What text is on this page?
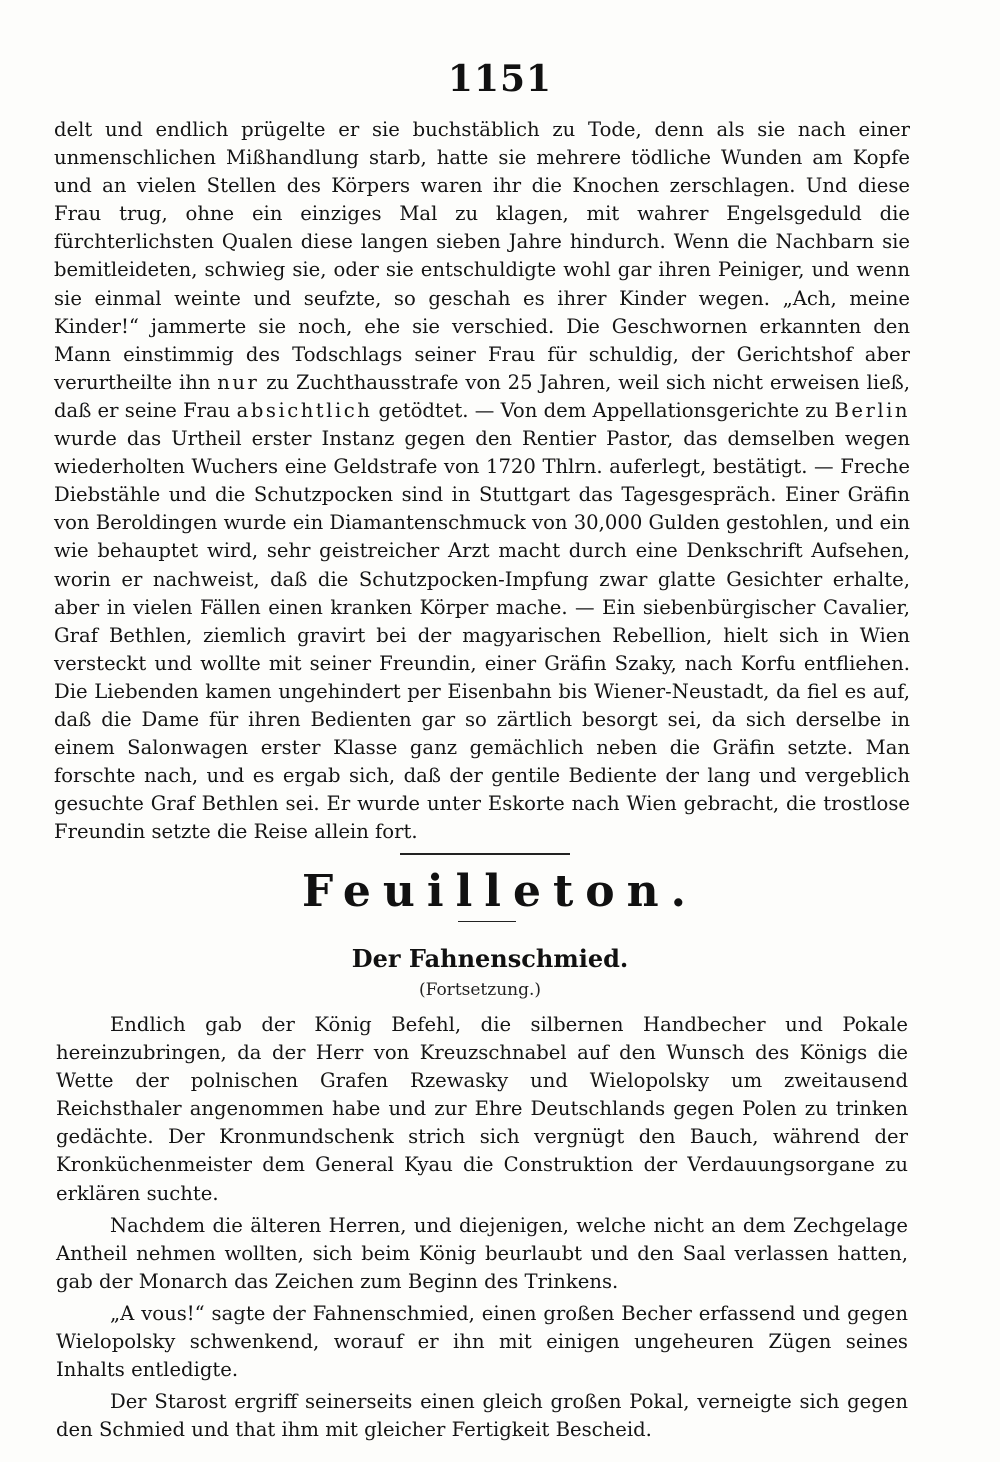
1151

delt und endlich prügelte er sie buchstäblich zu Tode, denn als sie nach einer unmenschlichen Mißhandlung starb, hatte sie mehrere tödliche Wunden am Kopfe und an vielen Stellen des Körpers waren ihr die Knochen zerschlagen. Und diese Frau trug, ohne ein einziges Mal zu klagen, mit wahrer Engelsgeduld die fürchterlichsten Qualen diese langen sieben Jahre hindurch. Wenn die Nachbarn sie bemitleideten, schwieg sie, oder sie entschuldigte wohl gar ihren Peiniger, und wenn sie einmal weinte und seufzte, so geschah es ihrer Kinder wegen. „Ach, meine Kinder!“ jammerte sie noch, ehe sie verschied. Die Geschwornen erkannten den Mann einstimmig des Todschlags seiner Frau für schuldig, der Gerichtshof aber verurtheilte ihn nur zu Zuchthausstrafe von 25 Jahren, weil sich nicht erweisen ließ, daß er seine Frau absichtlich getödtet. — Von dem Appellationsgerichte zu Berlin wurde das Urtheil erster Instanz gegen den Rentier Pastor, das demselben wegen wiederholten Wuchers eine Geldstrafe von 1720 Thlrn. auferlegt, bestätigt. — Freche Diebstähle und die Schutzpocken sind in Stuttgart das Tagesgespräch. Einer Gräfin von Beroldingen wurde ein Diamantenschmuck von 30,000 Gulden gestohlen, und ein wie behauptet wird, sehr geistreicher Arzt macht durch eine Denkschrift Aufsehen, worin er nachweist, daß die Schutzpocken-Impfung zwar glatte Gesichter erhalte, aber in vielen Fällen einen kranken Körper mache. — Ein siebenbürgischer Cavalier, Graf Bethlen, ziemlich gravirt bei der magyarischen Rebellion, hielt sich in Wien versteckt und wollte mit seiner Freundin, einer Gräfin Szaky, nach Korfu entfliehen. Die Liebenden kamen ungehindert per Eisenbahn bis Wiener-Neustadt, da fiel es auf, daß die Dame für ihren Bedienten gar so zärtlich besorgt sei, da sich derselbe in einem Salonwagen erster Klasse ganz gemächlich neben die Gräfin setzte. Man forschte nach, und es ergab sich, daß der gentile Bediente der lang und vergeblich gesuchte Graf Bethlen sei. Er wurde unter Eskorte nach Wien gebracht, die trostlose Freundin setzte die Reise allein fort.

Feuilleton.
Der Fahnenschmied.
(Fortsetzung.)

Endlich gab der König Befehl, die silbernen Handbecher und Pokale hereinzubringen, da der Herr von Kreuzschnabel auf den Wunsch des Königs die Wette der polnischen Grafen Rzewasky und Wielopolsky um zweitausend Reichsthaler angenommen habe und zur Ehre Deutschlands gegen Polen zu trinken gedächte. Der Kronmundschenk strich sich vergnügt den Bauch, während der Kronküchenmeister dem General Kyau die Construktion der Verdauungsorgane zu erklären suchte.

Nachdem die älteren Herren, und diejenigen, welche nicht an dem Zechgelage Antheil nehmen wollten, sich beim König beurlaubt und den Saal verlassen hatten, gab der Monarch das Zeichen zum Beginn des Trinkens.

„A vous!“ sagte der Fahnenschmied, einen großen Becher erfassend und gegen Wielopolsky schwenkend, worauf er ihn mit einigen ungeheuren Zügen seines Inhalts entledigte.

Der Starost ergriff seinerseits einen gleich großen Pokal, verneigte sich gegen den Schmied und that ihm mit gleicher Fertigkeit Bescheid.
